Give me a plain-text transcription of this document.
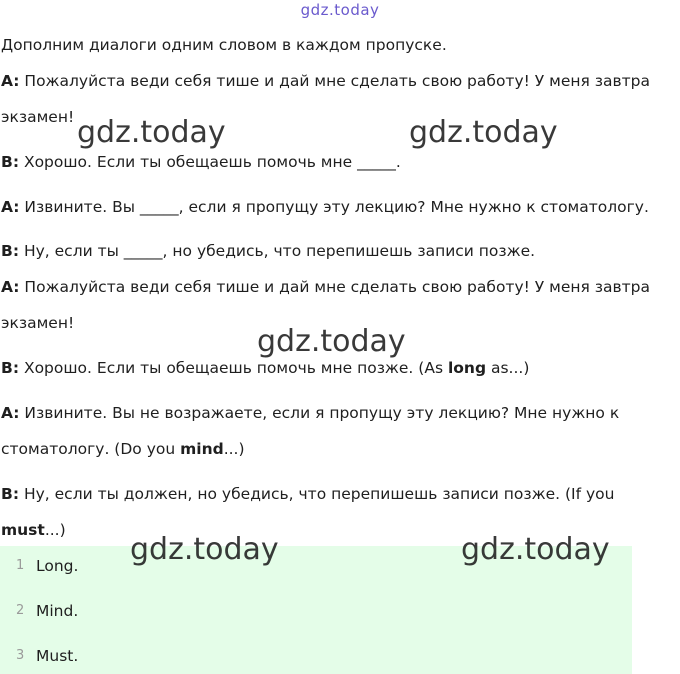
gdz.today
Дополним диалоги одним словом в каждом пропуске.
A: Пожалуйста веди себя тише и дай мне сделать свою работу! У меня завтра
экзамен!
B: Хорошо. Если ты обещаешь помочь мне _____.
A: Извините. Вы _____, если я пропущу эту лекцию? Мне нужно к стоматологу.
B: Ну, если ты _____, но убедись, что перепишешь записи позже.
A: Пожалуйста веди себя тише и дай мне сделать свою работу! У меня завтра
экзамен!
B: Хорошо. Если ты обещаешь помочь мне позже. (As long as...)
A: Извините. Вы не возражаете, если я пропущу эту лекцию? Мне нужно к
стоматологу. (Do you mind...)
B: Ну, если ты должен, но убедись, что перепишешь записи позже. (If you
must...)
1 Long.
2 Mind.
3 Must.
gdz.today	gdz.today
gdz.today
gdz.today	gdz.today
